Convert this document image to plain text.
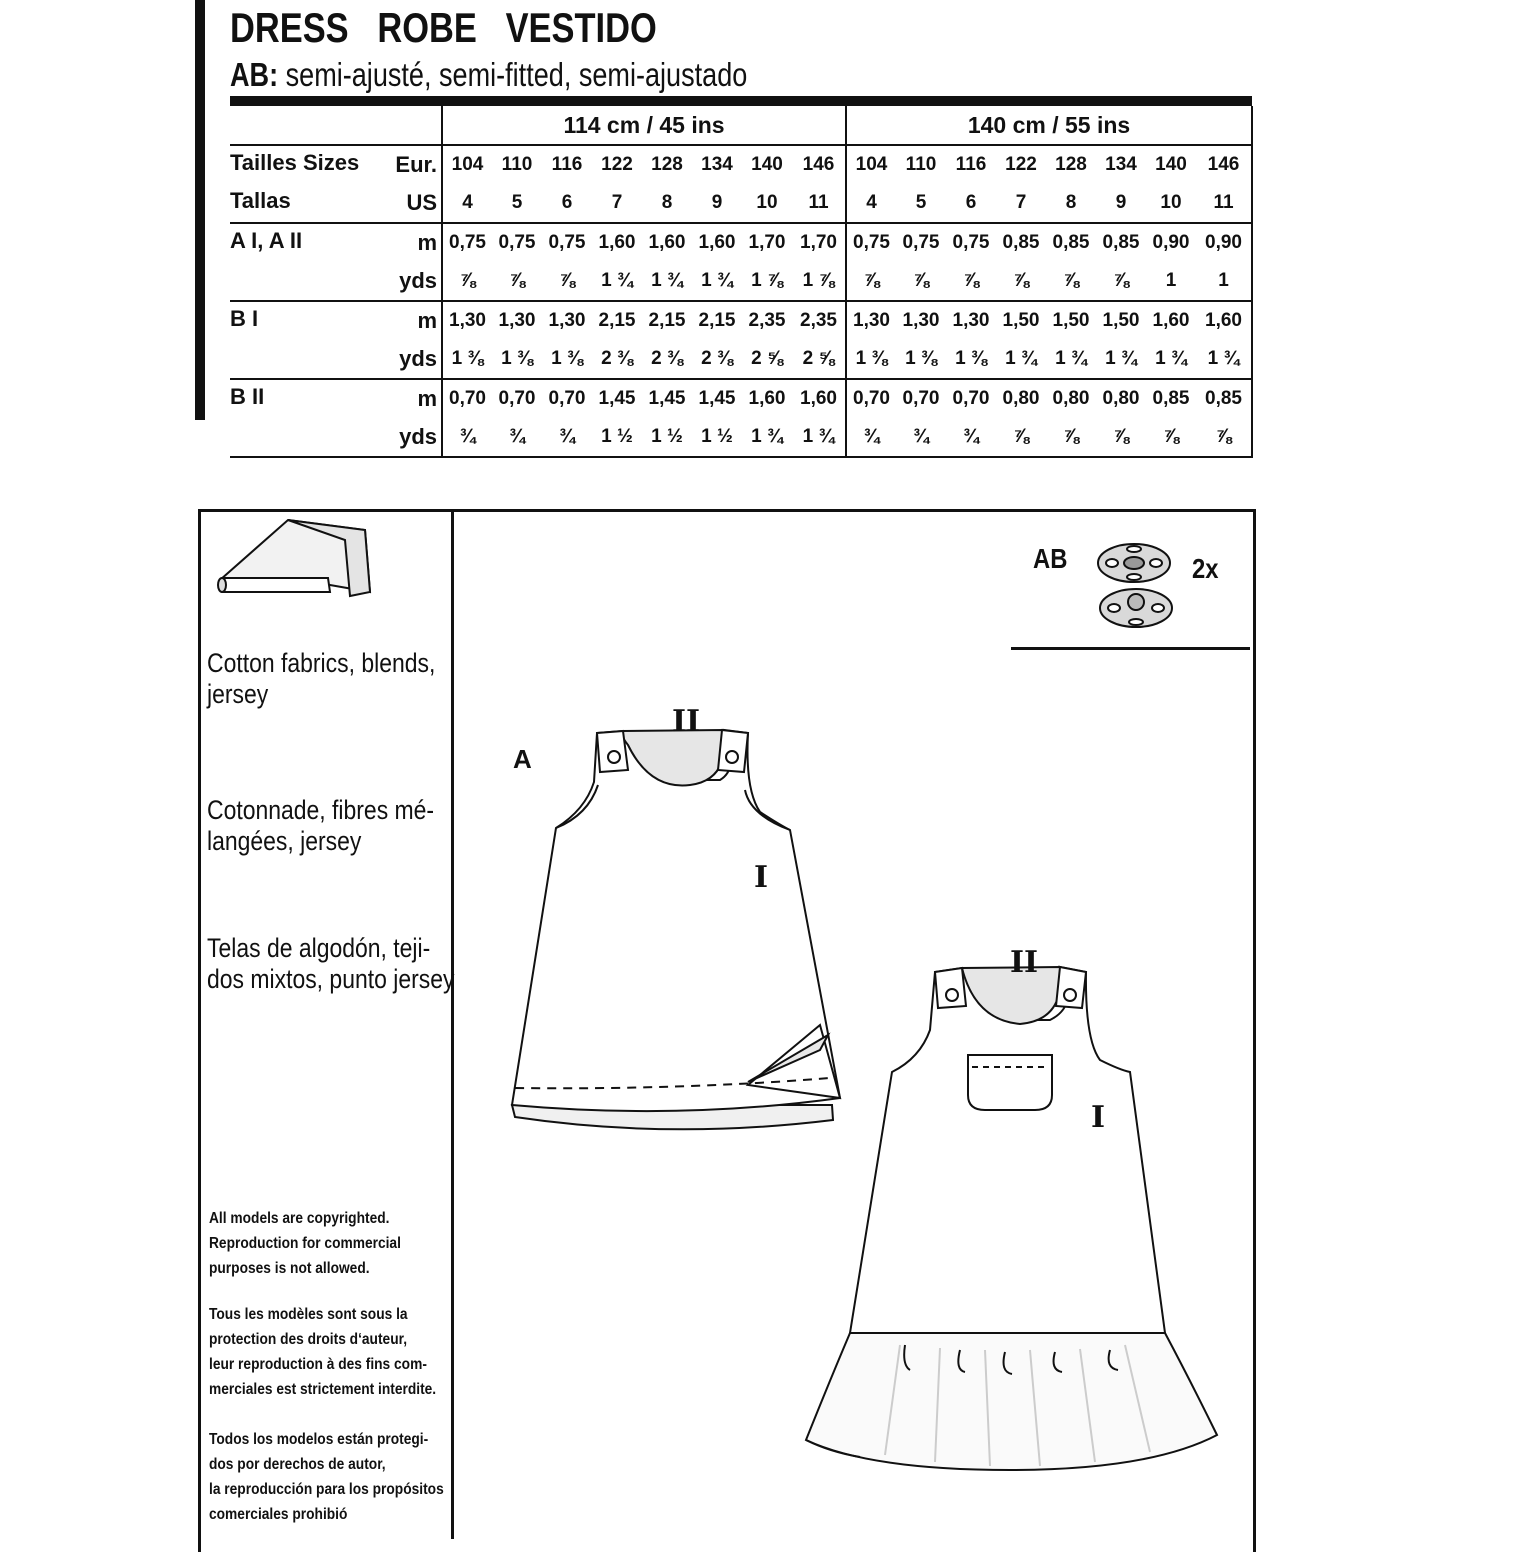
DRESS   ROBE   VESTIDO
AB: semi-ajusté, semi-fitted, semi-ajustado
		114 cm / 45 ins								140 cm / 55 ins							
Tailles Sizes	Eur.	104	110	116	122	128	134	140	146	104	110	116	122	128	134	140	146
Tallas	US	4	5	6	7	8	9	10	11	4	5	6	7	8	9	10	11
A I, A II	m	0,75	0,75	0,75	1,60	1,60	1,60	1,70	1,70	0,75	0,75	0,75	0,85	0,85	0,85	0,90	0,90
	yds	⅞	⅞	⅞	1 ¾	1 ¾	1 ¾	1 ⅞	1 ⅞	⅞	⅞	⅞	⅞	⅞	⅞	1	1
B I	m	1,30	1,30	1,30	2,15	2,15	2,15	2,35	2,35	1,30	1,30	1,30	1,50	1,50	1,50	1,60	1,60
	yds	1 ⅜	1 ⅜	1 ⅜	2 ⅜	2 ⅜	2 ⅜	2 ⅝	2 ⅝	1 ⅜	1 ⅜	1 ⅜	1 ¾	1 ¾	1 ¾	1 ¾	1 ¾
B II	m	0,70	0,70	0,70	1,45	1,45	1,45	1,60	1,60	0,70	0,70	0,70	0,80	0,80	0,80	0,85	0,85
	yds	¾	¾	¾	1 ½	1 ½	1 ½	1 ¾	1 ¾	¾	¾	¾	⅞	⅞	⅞	⅞	⅞
Cotton fabrics, blends,
jersey
Cotonnade, fibres mé-
langées, jersey
Telas de algodón, teji-
dos mixtos, punto jersey
All models are copyrighted.
Reproduction for commercial
purposes is not allowed.
Tous les modèles sont sous la
protection des droits d‘auteur,
leur reproduction à des fins com-
merciales est strictement interdite.
Todos los modelos están protegi-
dos por derechos de autor,
la reproducción para los propósitos
comerciales prohibió
AB	2x
A
II
I
II
I
